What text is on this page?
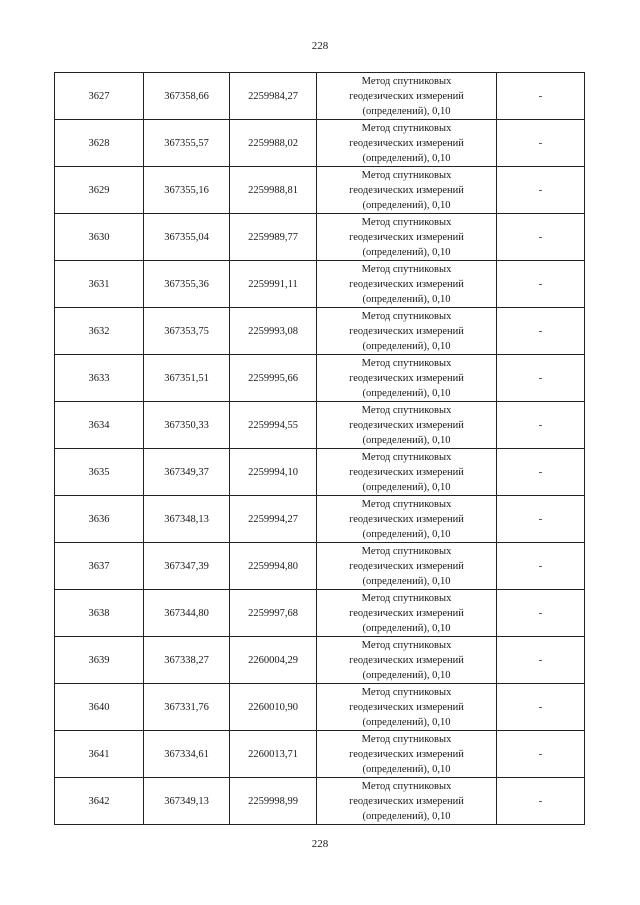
228
3627	367358,66	2259984,27	Метод спутниковых
геодезических измерений
(определений), 0,10	-
3628	367355,57	2259988,02	Метод спутниковых
геодезических измерений
(определений), 0,10	-
3629	367355,16	2259988,81	Метод спутниковых
геодезических измерений
(определений), 0,10	-
3630	367355,04	2259989,77	Метод спутниковых
геодезических измерений
(определений), 0,10	-
3631	367355,36	2259991,11	Метод спутниковых
геодезических измерений
(определений), 0,10	-
3632	367353,75	2259993,08	Метод спутниковых
геодезических измерений
(определений), 0,10	-
3633	367351,51	2259995,66	Метод спутниковых
геодезических измерений
(определений), 0,10	-
3634	367350,33	2259994,55	Метод спутниковых
геодезических измерений
(определений), 0,10	-
3635	367349,37	2259994,10	Метод спутниковых
геодезических измерений
(определений), 0,10	-
3636	367348,13	2259994,27	Метод спутниковых
геодезических измерений
(определений), 0,10	-
3637	367347,39	2259994,80	Метод спутниковых
геодезических измерений
(определений), 0,10	-
3638	367344,80	2259997,68	Метод спутниковых
геодезических измерений
(определений), 0,10	-
3639	367338,27	2260004,29	Метод спутниковых
геодезических измерений
(определений), 0,10	-
3640	367331,76	2260010,90	Метод спутниковых
геодезических измерений
(определений), 0,10	-
3641	367334,61	2260013,71	Метод спутниковых
геодезических измерений
(определений), 0,10	-
3642	367349,13	2259998,99	Метод спутниковых
геодезических измерений
(определений), 0,10	-
228
